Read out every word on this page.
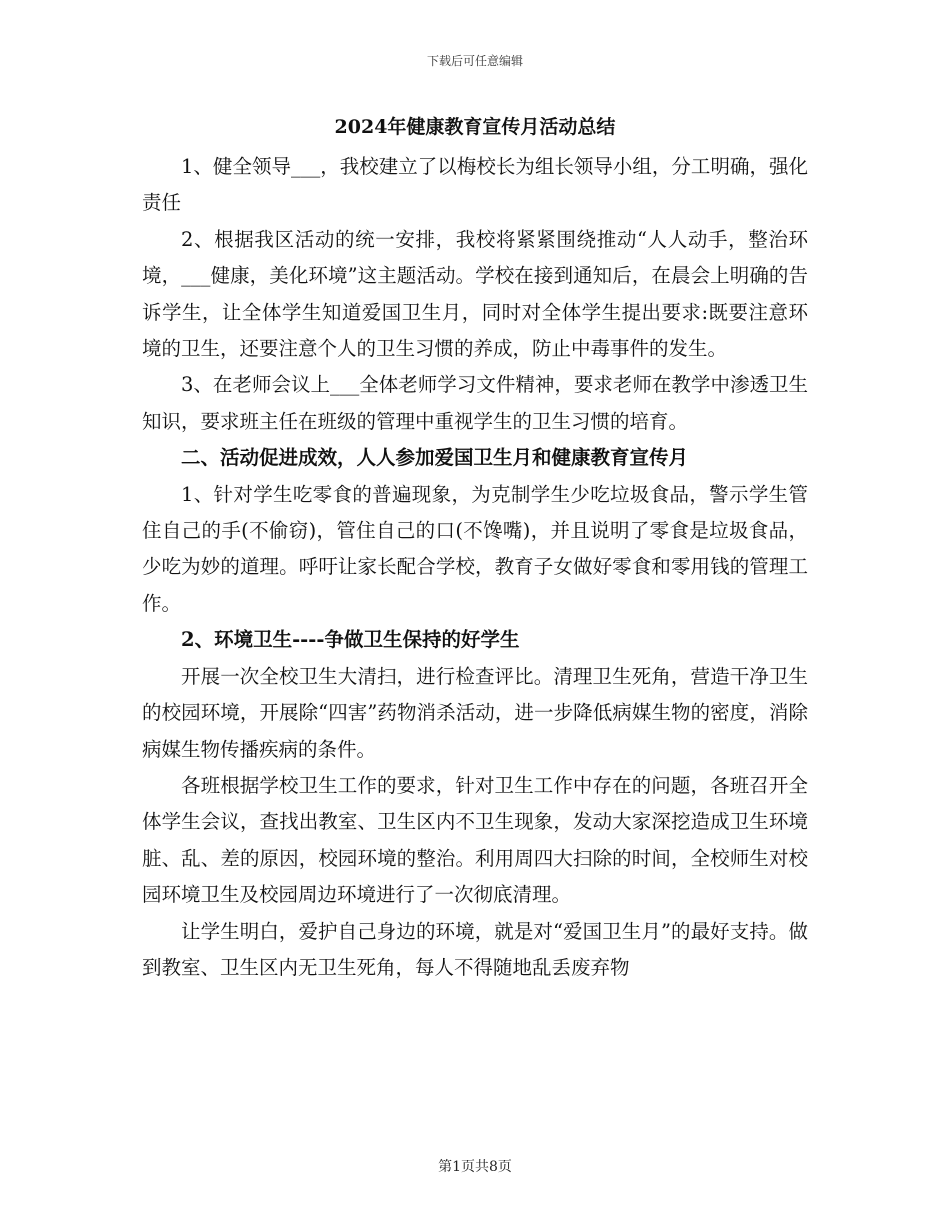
下载后可任意编辑
2024年健康教育宣传月活动总结

1、健全领导___，我校建立了以梅校长为组长领导小组，分工明确，强化责任

2、根据我区活动的统一安排，我校将紧紧围绕推动“人人动手，整治环境，___健康，美化环境”这主题活动。学校在接到通知后，在晨会上明确的告诉学生，让全体学生知道爱国卫生月，同时对全体学生提出要求:既要注意环境的卫生，还要注意个人的卫生习惯的养成，防止中毒事件的发生。

3、在老师会议上___全体老师学习文件精神，要求老师在教学中渗透卫生知识，要求班主任在班级的管理中重视学生的卫生习惯的培育。

二、活动促进成效，人人参加爱国卫生月和健康教育宣传月

1、针对学生吃零食的普遍现象，为克制学生少吃垃圾食品，警示学生管住自己的手(不偷窃)，管住自己的口(不馋嘴)，并且说明了零食是垃圾食品，少吃为妙的道理。呼吁让家长配合学校，教育子女做好零食和零用钱的管理工作。

2、环境卫生----争做卫生保持的好学生

开展一次全校卫生大清扫，进行检查评比。清理卫生死角，营造干净卫生的校园环境，开展除“四害”药物消杀活动，进一步降低病媒生物的密度，消除病媒生物传播疾病的条件。

各班根据学校卫生工作的要求，针对卫生工作中存在的问题，各班召开全体学生会议，查找出教室、卫生区内不卫生现象，发动大家深挖造成卫生环境脏、乱、差的原因，校园环境的整治。利用周四大扫除的时间，全校师生对校园环境卫生及校园周边环境进行了一次彻底清理。

让学生明白，爱护自己身边的环境，就是对“爱国卫生月”的最好支持。做到教室、卫生区内无卫生死角，每人不得随地乱丢废弃物

第1页共8页
